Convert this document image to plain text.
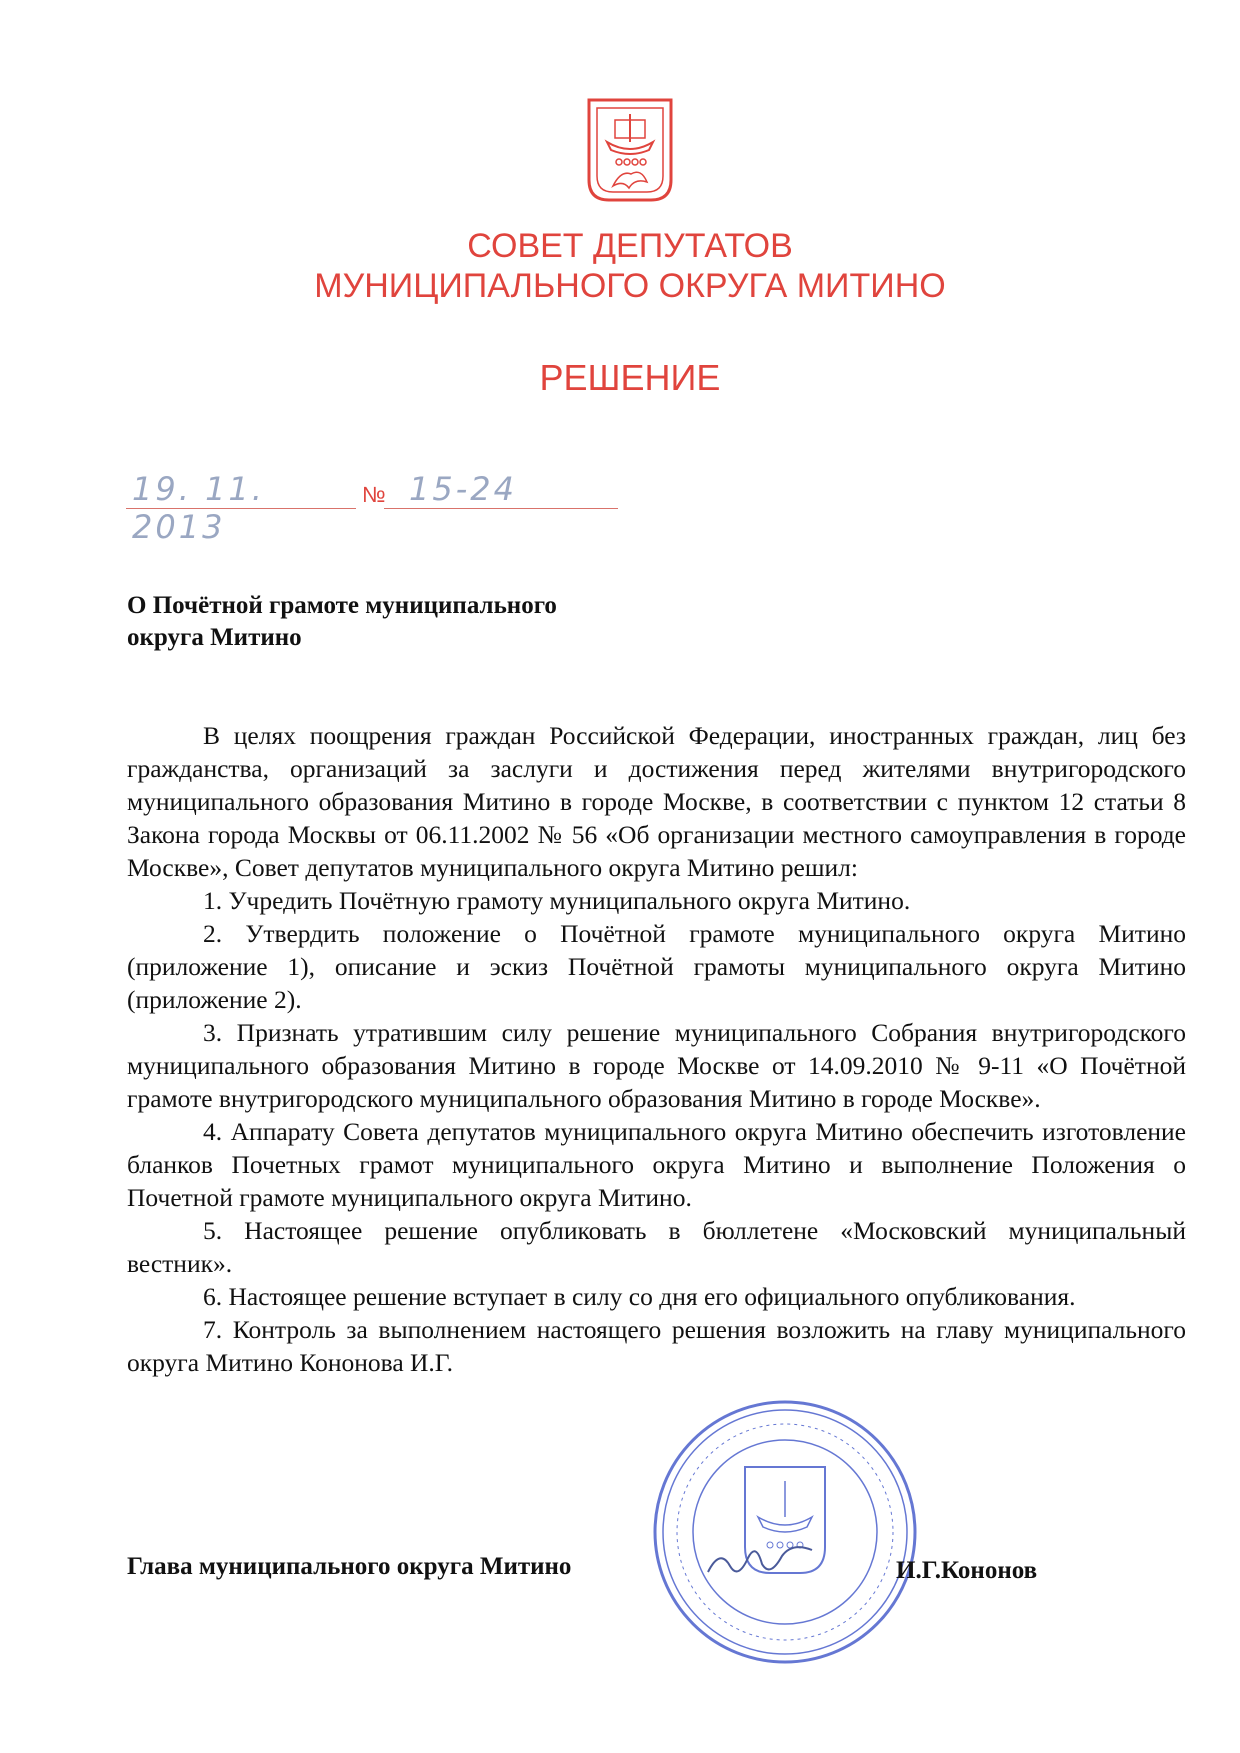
СОВЕТ ДЕПУТАТОВ
МУНИЦИПАЛЬНОГО ОКРУГА МИТИНО
РЕШЕНИЕ
19. 11. 2013
№ 15-24
О Почётной грамоте муниципального
округа Митино

В целях поощрения граждан Российской Федерации, иностранных граждан, лиц без гражданства, организаций за заслуги и достижения перед жителями внутригородского муниципального образования Митино в городе Москве, в соответствии с пунктом 12 статьи 8 Закона города Москвы от 06.11.2002 № 56 «Об организации местного самоуправления в городе Москве», Совет депутатов муниципального округа Митино решил:

1. Учредить Почётную грамоту муниципального округа Митино.

2. Утвердить положение о Почётной грамоте муниципального округа Митино (приложение 1), описание и эскиз Почётной грамоты муниципального округа Митино (приложение 2).

3. Признать утратившим силу решение муниципального Собрания внутригородского муниципального образования Митино в городе Москве от 14.09.2010 № 9-11 «О Почётной грамоте внутригородского муниципального образования Митино в городе Москве».

4. Аппарату Совета депутатов муниципального округа Митино обеспечить изготовление бланков Почетных грамот муниципального округа Митино и выполнение Положения о Почетной грамоте муниципального округа Митино.

5. Настоящее решение опубликовать в бюллетене «Московский муниципальный вестник».

6. Настоящее решение вступает в силу со дня его официального опубликования.

7. Контроль за выполнением настоящего решения возложить на главу муниципального округа Митино Кононова И.Г.

Глава муниципального округа Митино	И.Г.Кононов
